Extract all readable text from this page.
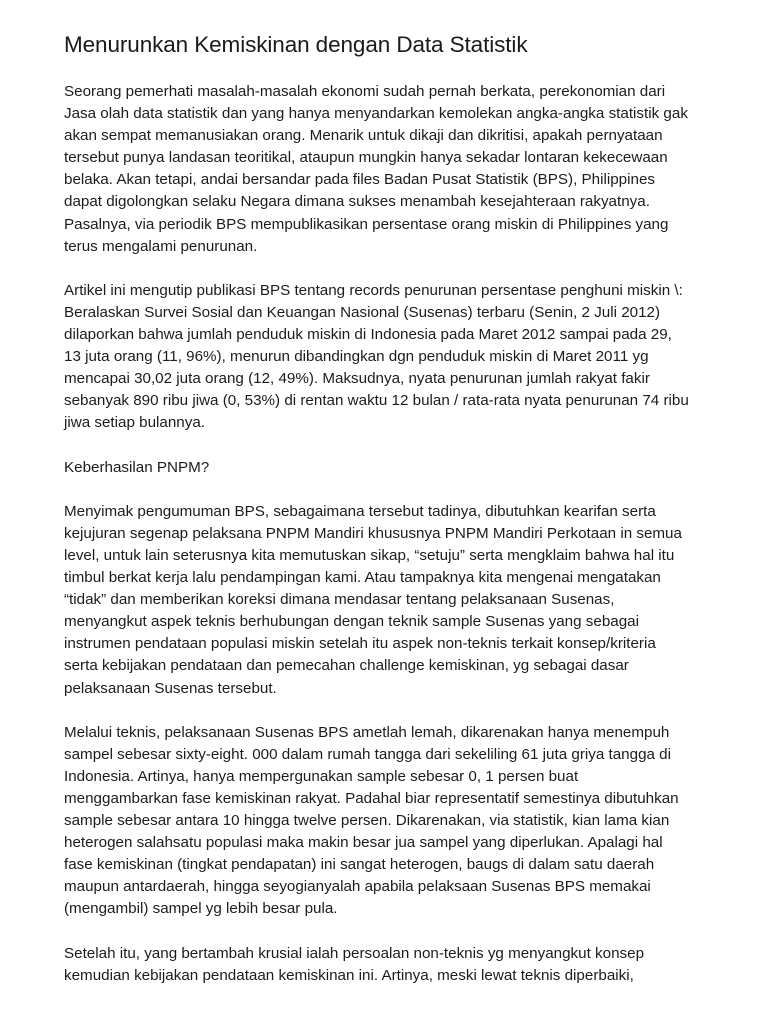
Menurunkan Kemiskinan dengan Data Statistik

Seorang pemerhati masalah-masalah ekonomi sudah pernah berkata, perekonomian dari
Jasa olah data statistik dan yang hanya menyandarkan kemolekan angka-angka statistik gak
akan sempat memanusiakan orang. Menarik untuk dikaji dan dikritisi, apakah pernyataan
tersebut punya landasan teoritikal, ataupun mungkin hanya sekadar lontaran kekecewaan
belaka. Akan tetapi, andai bersandar pada files Badan Pusat Statistik (BPS), Philippines
dapat digolongkan selaku Negara dimana sukses menambah kesejahteraan rakyatnya.
Pasalnya, via periodik BPS mempublikasikan persentase orang miskin di Philippines yang
terus mengalami penurunan.

Artikel ini mengutip publikasi BPS tentang records penurunan persentase penghuni miskin \:
Beralaskan Survei Sosial dan Keuangan Nasional (Susenas) terbaru (Senin, 2 Juli 2012)
dilaporkan bahwa jumlah penduduk miskin di Indonesia pada Maret 2012 sampai pada 29,
13 juta orang (11, 96%), menurun dibandingkan dgn penduduk miskin di Maret 2011 yg
mencapai 30,02 juta orang (12, 49%). Maksudnya, nyata penurunan jumlah rakyat fakir
sebanyak 890 ribu jiwa (0, 53%) di rentan waktu 12 bulan / rata-rata nyata penurunan 74 ribu
jiwa setiap bulannya.

Keberhasilan PNPM?

Menyimak pengumuman BPS, sebagaimana tersebut tadinya, dibutuhkan kearifan serta
kejujuran segenap pelaksana PNPM Mandiri khususnya PNPM Mandiri Perkotaan in semua
level, untuk lain seterusnya kita memutuskan sikap, “setuju” serta mengklaim bahwa hal itu
timbul berkat kerja lalu pendampingan kami. Atau tampaknya kita mengenai mengatakan
“tidak” dan memberikan koreksi dimana mendasar tentang pelaksanaan Susenas,
menyangkut aspek teknis berhubungan dengan teknik sample Susenas yang sebagai
instrumen pendataan populasi miskin setelah itu aspek non-teknis terkait konsep/kriteria
serta kebijakan pendataan dan pemecahan challenge kemiskinan, yg sebagai dasar
pelaksanaan Susenas tersebut.

Melalui teknis, pelaksanaan Susenas BPS ametlah lemah, dikarenakan hanya menempuh
sampel sebesar sixty-eight. 000 dalam rumah tangga dari sekeliling 61 juta griya tangga di
Indonesia. Artinya, hanya mempergunakan sample sebesar 0, 1 persen buat
menggambarkan fase kemiskinan rakyat. Padahal biar representatif semestinya dibutuhkan
sample sebesar antara 10 hingga twelve persen. Dikarenakan, via statistik, kian lama kian
heterogen salahsatu populasi maka makin besar jua sampel yang diperlukan. Apalagi hal
fase kemiskinan (tingkat pendapatan) ini sangat heterogen, baugs di dalam satu daerah
maupun antardaerah, hingga seyogianyalah apabila pelaksaan Susenas BPS memakai
(mengambil) sampel yg lebih besar pula.

Setelah itu, yang bertambah krusial ialah persoalan non-teknis yg menyangkut konsep
kemudian kebijakan pendataan kemiskinan ini. Artinya, meski lewat teknis diperbaiki,
